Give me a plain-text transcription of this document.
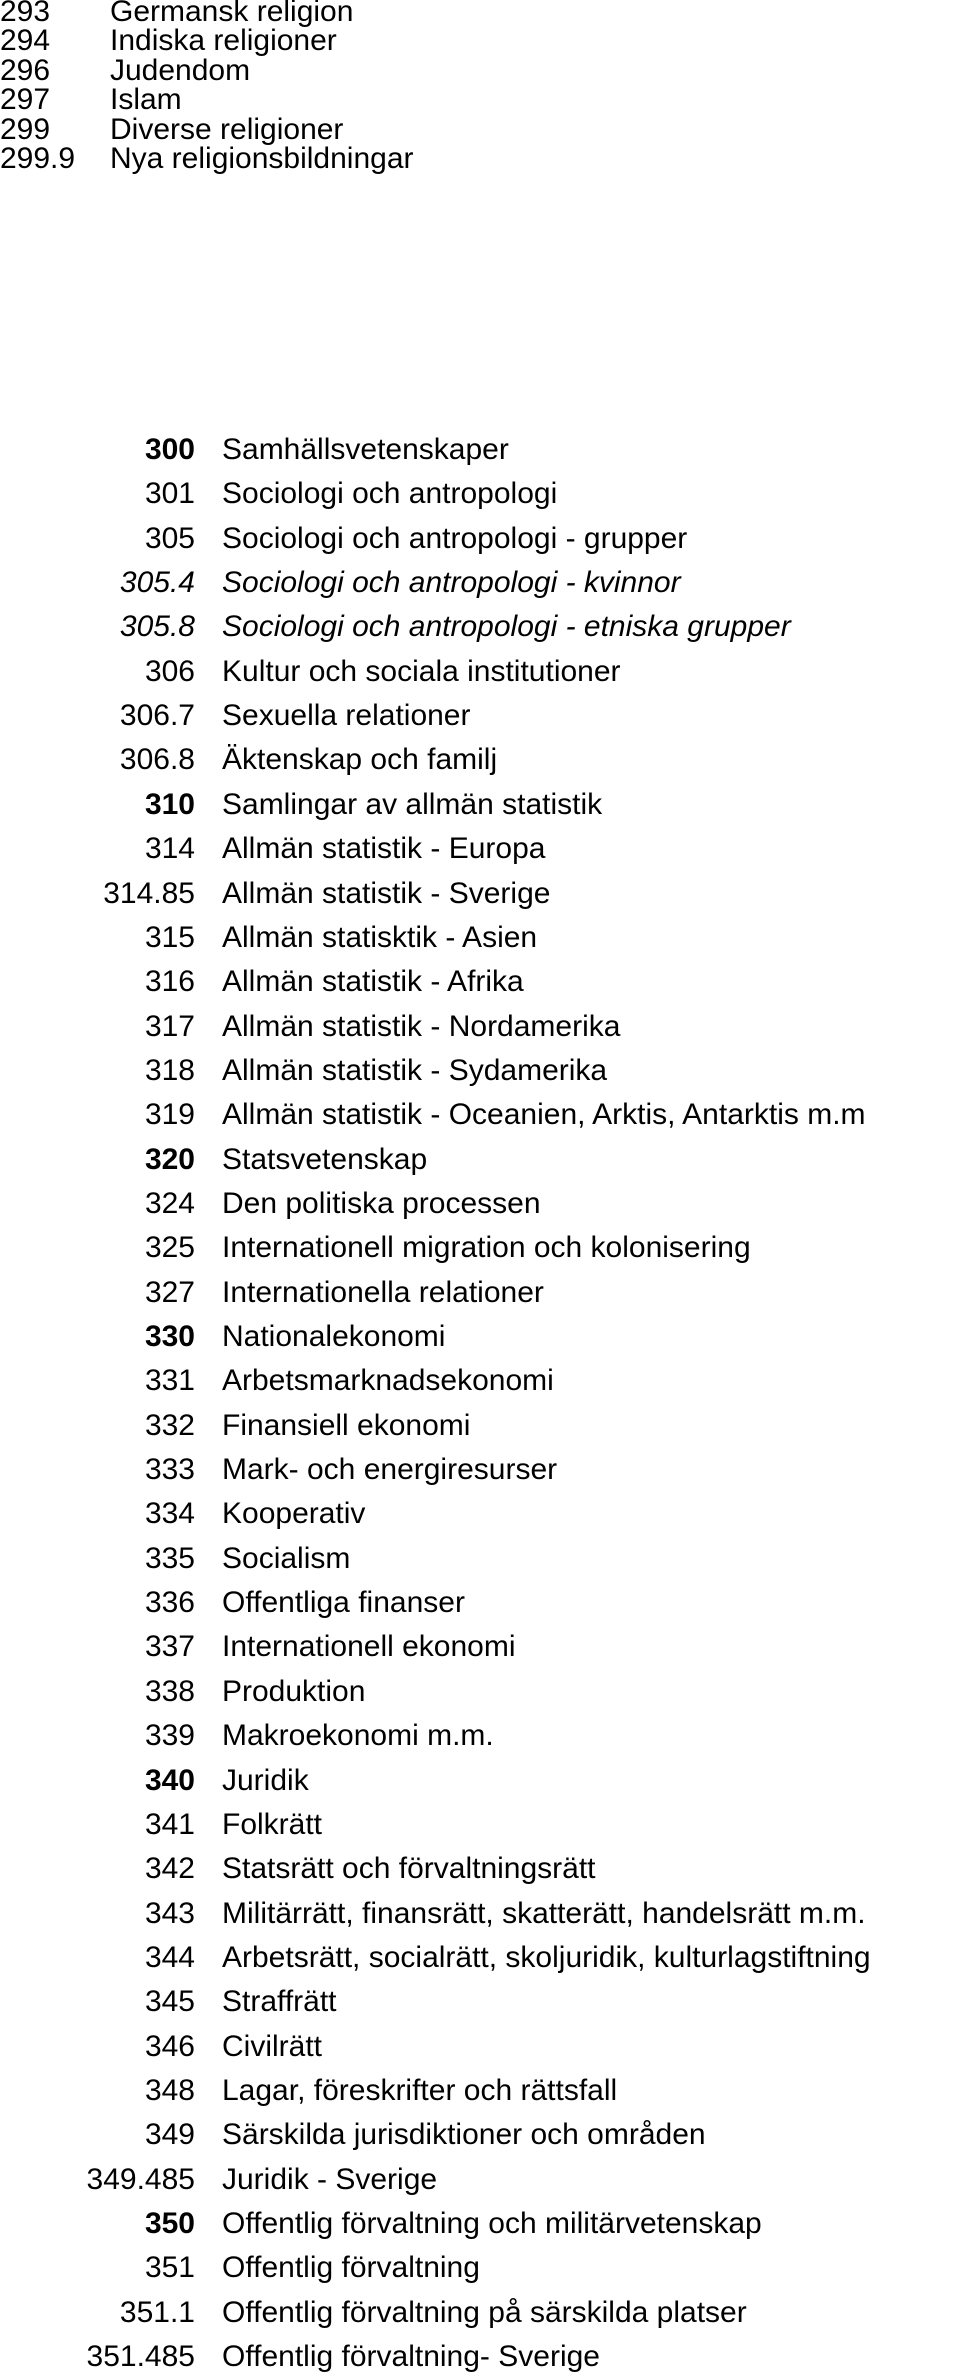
293	Germansk religion
294	Indiska religioner
296	Judendom
297	Islam
299	Diverse religioner
299.9	Nya religionsbildningar
300 Samhällsvetenskaper
301 Sociologi och antropologi
305 Sociologi och antropologi - grupper
305.4 Sociologi och antropologi - kvinnor
305.8 Sociologi och antropologi - etniska grupper
306 Kultur och sociala institutioner
306.7 Sexuella relationer
306.8 Äktenskap och familj
310 Samlingar av allmän statistik
314 Allmän statistik - Europa
314.85 Allmän statistik - Sverige
315 Allmän statisktik - Asien
316 Allmän statistik - Afrika
317 Allmän statistik - Nordamerika
318 Allmän statistik - Sydamerika
319 Allmän statistik - Oceanien, Arktis, Antarktis m.m
320 Statsvetenskap
324 Den politiska processen
325 Internationell migration och kolonisering
327 Internationella relationer
330 Nationalekonomi
331 Arbetsmarknadsekonomi
332 Finansiell ekonomi
333 Mark- och energiresurser
334 Kooperativ
335 Socialism
336 Offentliga finanser
337 Internationell ekonomi
338 Produktion
339 Makroekonomi m.m.
340 Juridik
341 Folkrätt
342 Statsrätt och förvaltningsrätt
343 Militärrätt, finansrätt, skatterätt, handelsrätt m.m.
344 Arbetsrätt, socialrätt, skoljuridik, kulturlagstiftning
345 Straffrätt
346 Civilrätt
348 Lagar, föreskrifter och rättsfall
349 Särskilda jurisdiktioner och områden
349.485 Juridik - Sverige
350 Offentlig förvaltning och militärvetenskap
351 Offentlig förvaltning
351.1 Offentlig förvaltning på särskilda platser
351.485 Offentlig förvaltning- Sverige
